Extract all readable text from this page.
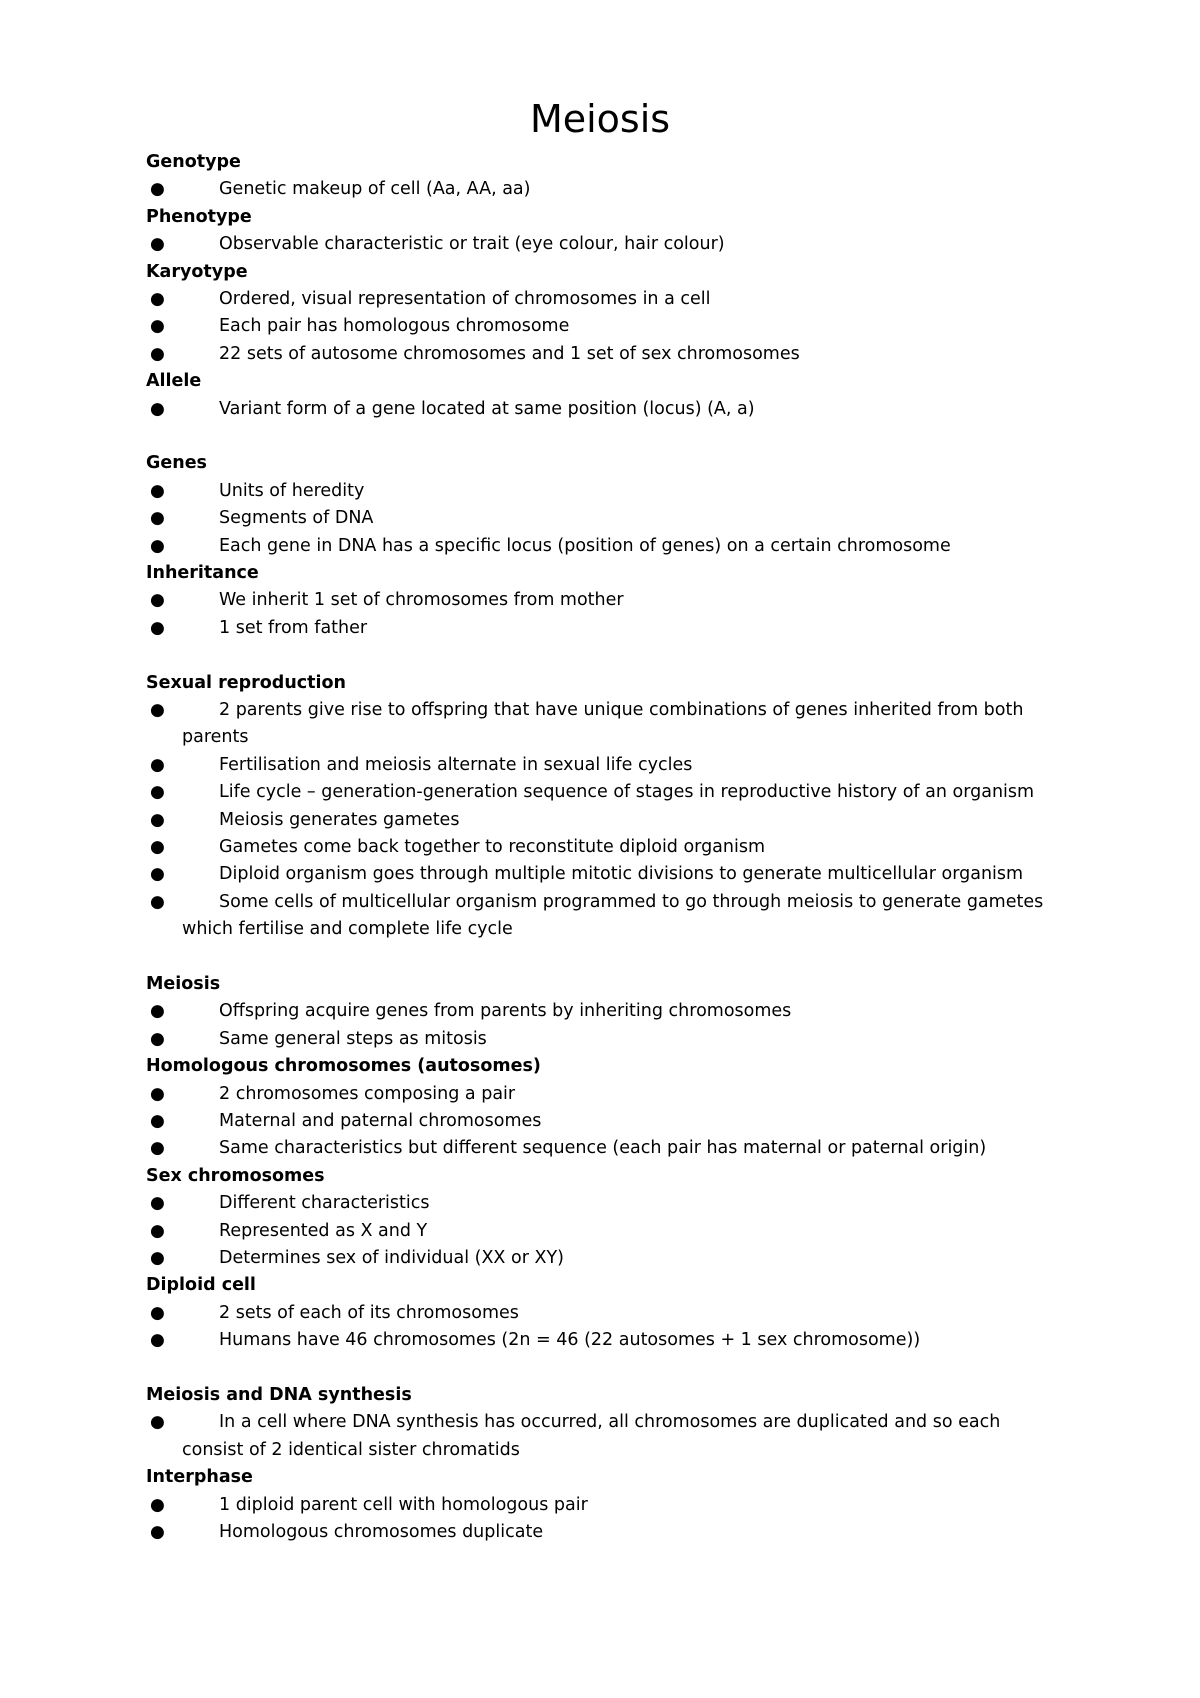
Meiosis
Genotype
●	Genetic makeup of cell (Aa, AA, aa)
Phenotype
●	Observable characteristic or trait (eye colour, hair colour)
Karyotype
●	Ordered, visual representation of chromosomes in a cell
●	Each pair has homologous chromosome
●	22 sets of autosome chromosomes and 1 set of sex chromosomes
Allele
●	Variant form of a gene located at same position (locus) (A, a)
Genes
●	Units of heredity
●	Segments of DNA
●	Each gene in DNA has a specific locus (position of genes) on a certain chromosome
Inheritance
●	We inherit 1 set of chromosomes from mother
●	1 set from father
Sexual reproduction
●	2 parents give rise to offspring that have unique combinations of genes inherited from both
parents
●	Fertilisation and meiosis alternate in sexual life cycles
●	Life cycle – generation-generation sequence of stages in reproductive history of an organism
●	Meiosis generates gametes
●	Gametes come back together to reconstitute diploid organism
●	Diploid organism goes through multiple mitotic divisions to generate multicellular organism
●	Some cells of multicellular organism programmed to go through meiosis to generate gametes
which fertilise and complete life cycle
Meiosis
●	Offspring acquire genes from parents by inheriting chromosomes
●	Same general steps as mitosis
Homologous chromosomes (autosomes)
●	2 chromosomes composing a pair
●	Maternal and paternal chromosomes
●	Same characteristics but different sequence (each pair has maternal or paternal origin)
Sex chromosomes
●	Different characteristics
●	Represented as X and Y
●	Determines sex of individual (XX or XY)
Diploid cell
●	2 sets of each of its chromosomes
●	Humans have 46 chromosomes (2n = 46 (22 autosomes + 1 sex chromosome))
Meiosis and DNA synthesis
●	In a cell where DNA synthesis has occurred, all chromosomes are duplicated and so each
consist of 2 identical sister chromatids
Interphase
●	1 diploid parent cell with homologous pair
●	Homologous chromosomes duplicate
